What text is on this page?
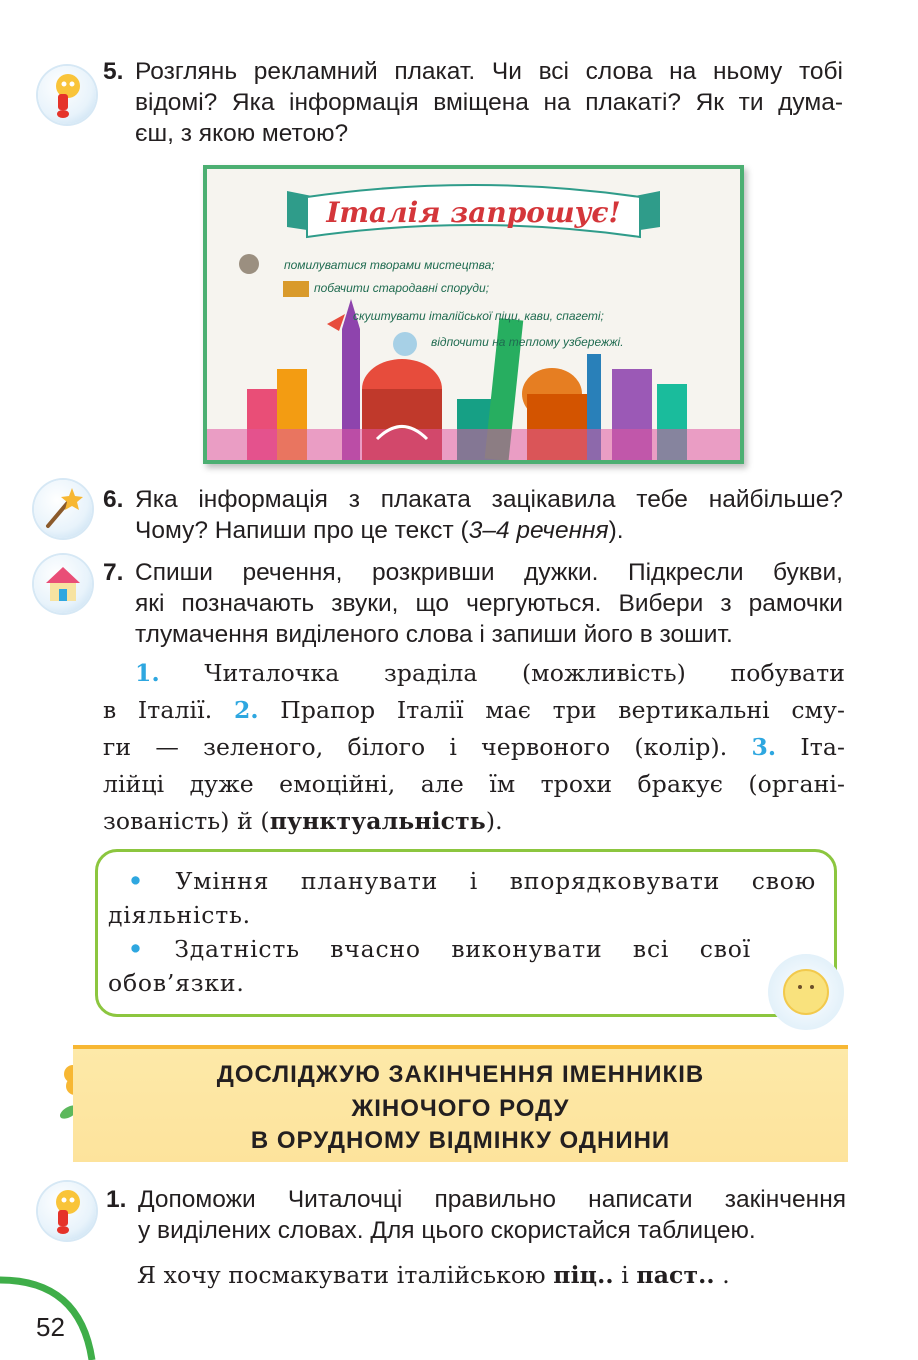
5. Розглянь рекламний плакат. Чи всі слова на ньому тобі
відомі? Яка інформація вміщена на плакаті? Як ти дума-
єш, з якою метою?
Італія запрошує!
помилуватися творами мистецтва;
побачити стародавні споруди;
скуштувати італійської піци, кави, спагеті;
відпочити на теплому узбережжі.
6. Яка інформація з плаката зацікавила тебе найбільше?
Чому? Напиши про це текст (3–4 речення).
7. Спиши речення, розкривши дужки. Підкресли букви,
які позначають звуки, що чергуються. Вибери з рамочки
тлумачення виділеного слова і запиши його в зошит.
1. Читалочка зраділа (можливість) побувати
в Італії. 2. Прапор Італії має три вертикальні сму-
ги — зеленого, білого і червоного (колір). 3. Іта-
лійці дуже емоційні, але їм трохи бракує (органі-
зованість) й (пунктуальність).
• Уміння планувати і впорядковувати свою
діяльність.
• Здатність вчасно виконувати всі свої
обов’язки.
ДОСЛІДЖУЮ ЗАКІНЧЕННЯ ІМЕННИКІВ
ЖІНОЧОГО РОДУ
В ОРУДНОМУ ВІДМІНКУ ОДНИНИ
1. Допоможи Читалочці правильно написати закінчення
у виділених словах. Для цього скористайся таблицею.
Я хочу посмакувати італійською піц.. і паст.. .
52
